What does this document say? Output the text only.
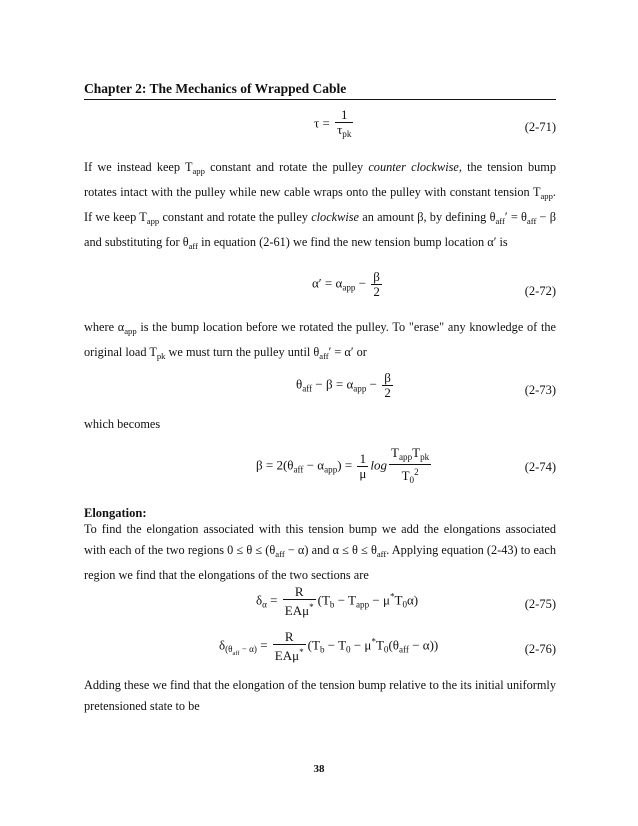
Chapter 2: The Mechanics of Wrapped Cable
τ =
1
$\tau_{pk}$	(2-71)
If we instead keep $T_{app}$ constant and rotate the pulley counter clockwise, the tension bump rotates intact with the pulley while new cable wraps onto the pulley with constant tension $T_{app}$. If we keep $T_{app}$ constant and rotate the pulley clockwise an amount β, by defining $\theta_{aff}' = \theta_{aff} - \beta$ and substituting for $\theta_{aff}$ in equation (2-61) we find the new tension bump location α′ is
$\alpha' = \alpha_{app} - \frac{\beta}{2}$	(2-72)
where $\alpha_{app}$ is the bump location before we rotated the pulley. To "erase" any knowledge of the original load $T_{pk}$ we must turn the pulley until $\theta_{aff}' = \alpha'$ or
$\theta_{aff} - \beta = \alpha_{app} - \frac{\beta}{2}$	(2-73)
which becomes
$\beta = 2(\theta_{aff} - \alpha_{app}) = \frac{1}{\mu}$ log
$T_{app}T_{pk}$
$T_0^2$	(2-74)
Elongation:
To find the elongation associated with this tension bump we add the elongations associated with each of the two regions $0 \le \theta \le (\theta_{aff} - \alpha)$ and $\alpha \le \theta \le \theta_{aff}$. Applying equation (2-43) to each region we find that the elongations of the two sections are
$\delta_\alpha$ =
R
EAμ* $(T_b - T_{app} - \mu^*T_0\alpha)$	(2-75)
$\delta_{(\theta_{aff} - \alpha)}$ =
R
EAμ* $(T_b - T_0 - \mu^*T_0(\theta_{aff} - \alpha))$	(2-76)
Adding these we find that the elongation of the tension bump relative to the its initial uniformly pretensioned state to be
38
